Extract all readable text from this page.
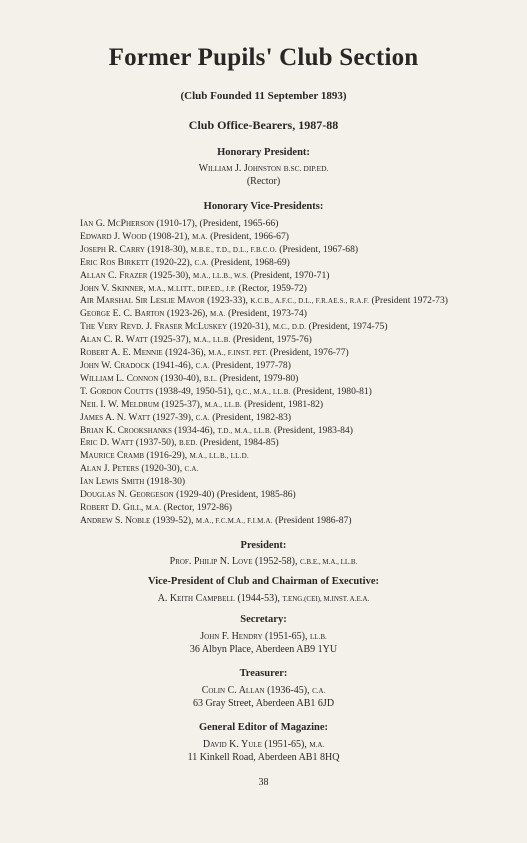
Former Pupils' Club Section
(Club Founded 11 September 1893)
Club Office-Bearers, 1987-88
Honorary President:
William J. Johnston B.SC. DIP.ED.
(Rector)
Honorary Vice-Presidents:
Ian G. McPherson (1910-17), (President, 1965-66)
Edward J. Wood (1908-21), M.A. (President, 1966-67)
Joseph R. Carry (1918-30), M.B.E., T.D., D.L., F.B.C.O. (President, 1967-68)
Eric Ros Birkett (1920-22), C.A. (President, 1968-69)
Allan C. Frazer (1925-30), M.A., LL.B., W.S. (President, 1970-71)
John V. Skinner, M.A., M.LITT., DIP.ED., J.P. (Rector, 1959-72)
Air Marshal Sir Leslie Mavor (1923-33), K.C.B., A.F.C., D.L., F.R.AE.S., R.A.F. (President 1972-73)
George E. C. Barton (1923-26), M.A. (President, 1973-74)
The Very Revd. J. Fraser McLuskey (1920-31), M.C., D.D. (President, 1974-75)
Alan C. R. Watt (1925-37), M.A., LL.B. (President, 1975-76)
Robert A. E. Mennie (1924-36), M.A., F.INST. PET. (President, 1976-77)
John W. Cradock (1941-46), C.A. (President, 1977-78)
William L. Connon (1930-40), B.L. (President, 1979-80)
T. Gordon Coutts (1938-49, 1950-51), Q.C., M.A., LL.B. (President, 1980-81)
Neil I. W. Meldrum (1925-37), M.A., LL.B. (President, 1981-82)
James A. N. Watt (1927-39), C.A. (President, 1982-83)
Brian K. Crookshanks (1934-46), T.D., M.A., LL.B. (President, 1983-84)
Eric D. Watt (1937-50), B.ED. (President, 1984-85)
Maurice Cramb (1916-29), M.A., LL.B., LL.D.
Alan J. Peters (1920-30), C.A.
Ian Lewis Smith (1918-30)
Douglas N. Georgeson (1929-40) (President, 1985-86)
Robert D. Gill, M.A. (Rector, 1972-86)
Andrew S. Noble (1939-52), M.A., F.C.M.A., F.I.M.A. (President 1986-87)
President:
Prof. Philip N. Love (1952-58), C.B.E., M.A., LL.B.
Vice-President of Club and Chairman of Executive:
A. Keith Campbell (1944-53), T.ENG.(CEI), M.INST. A.E.A.
Secretary:
John F. Hendry (1951-65), LL.B.
36 Albyn Place, Aberdeen AB9 1YU
Treasurer:
Colin C. Allan (1936-45), C.A.
63 Gray Street, Aberdeen AB1 6JD
General Editor of Magazine:
David K. Yule (1951-65), M.A.
11 Kinkell Road, Aberdeen AB1 8HQ
38
